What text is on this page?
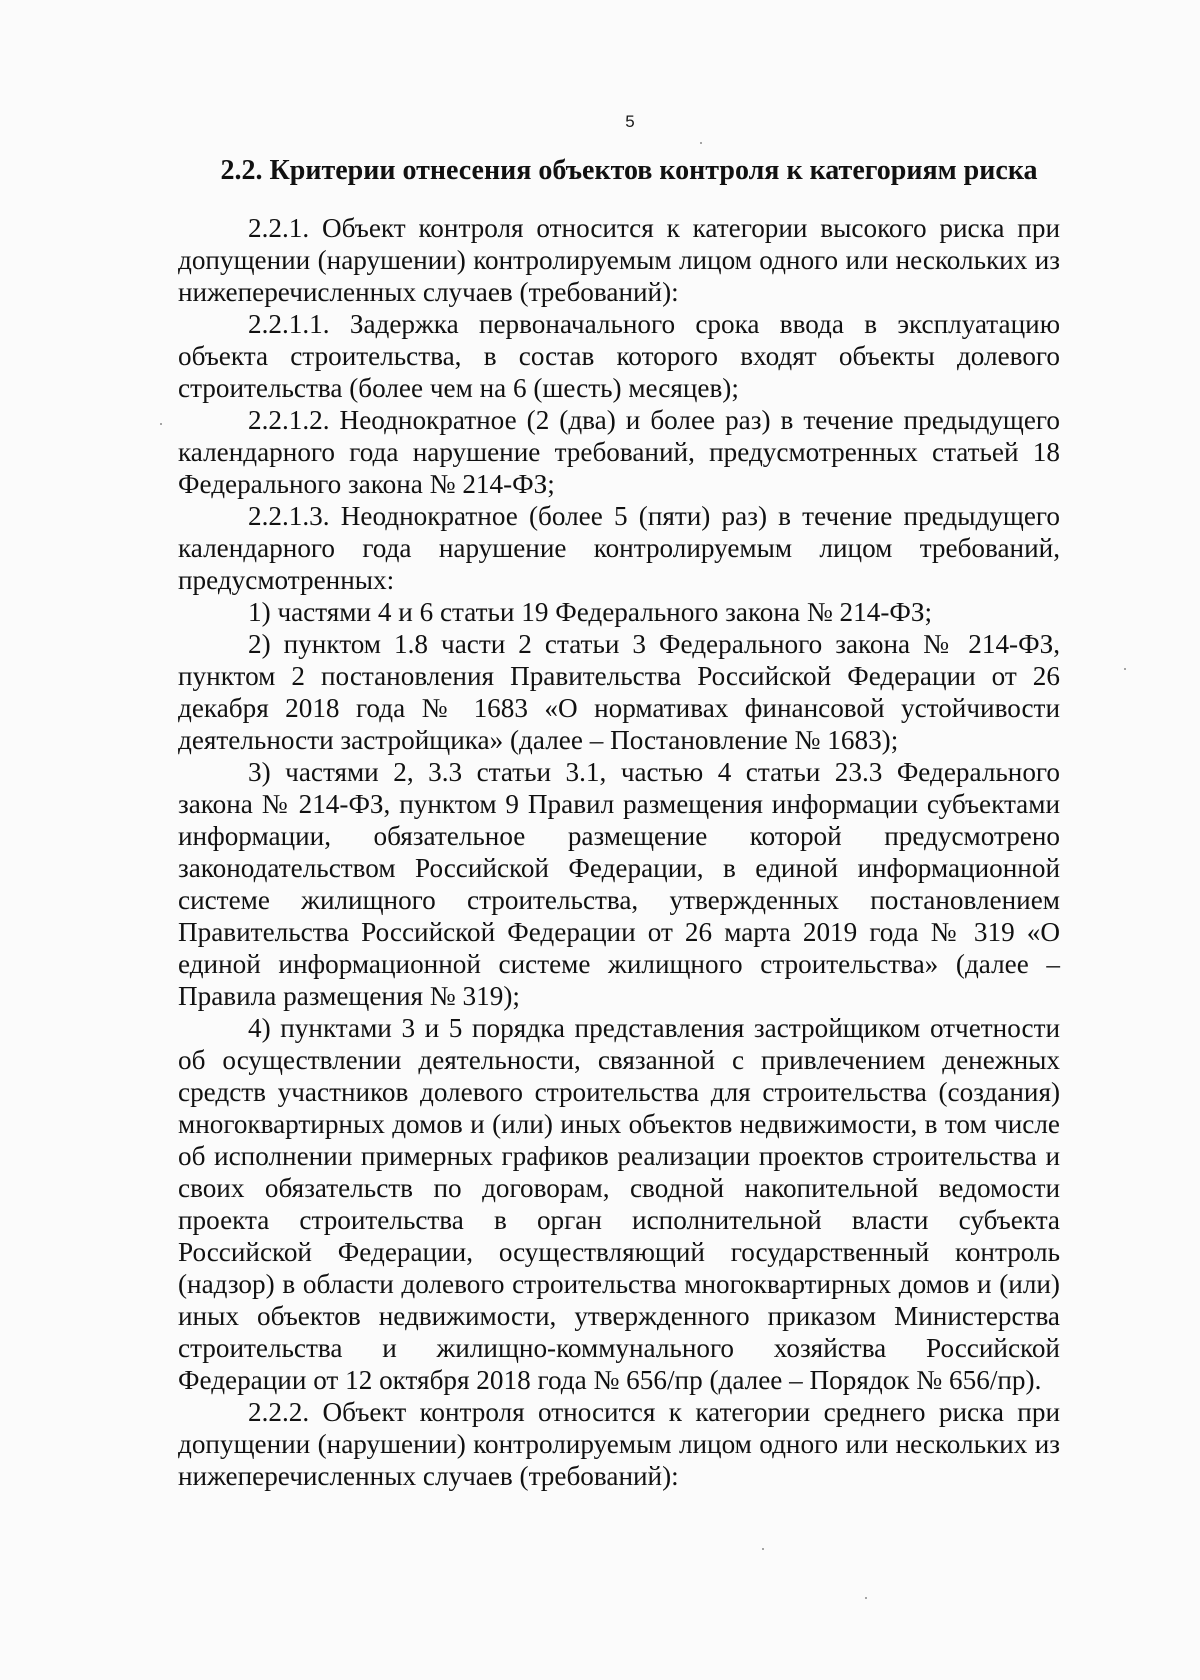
5

2.2. Критерии отнесения объектов контроля к категориям риска

2.2.1. Объект контроля относится к категории высокого риска при допущении (нарушении) контролируемым лицом одного или нескольких из нижеперечисленных случаев (требований):

2.2.1.1. Задержка первоначального срока ввода в эксплуатацию объекта строительства, в состав которого входят объекты долевого строительства (более чем на 6 (шесть) месяцев);

2.2.1.2. Неоднократное (2 (два) и более раз) в течение предыдущего календарного года нарушение требований, предусмотренных статьей 18 Федерального закона № 214-ФЗ;

2.2.1.3. Неоднократное (более 5 (пяти) раз) в течение предыдущего календарного года нарушение контролируемым лицом требований, предусмотренных:

1) частями 4 и 6 статьи 19 Федерального закона № 214-ФЗ;

2) пунктом 1.8 части 2 статьи 3 Федерального закона № 214-ФЗ, пунктом 2 постановления Правительства Российской Федерации от 26 декабря 2018 года № 1683 «О нормативах финансовой устойчивости деятельности застройщика» (далее – Постановление № 1683);

3) частями 2, 3.3 статьи 3.1, частью 4 статьи 23.3 Федерального закона № 214-ФЗ, пунктом 9 Правил размещения информации субъектами информации, обязательное размещение которой предусмотрено законодательством Российской Федерации, в единой информационной системе жилищного строительства, утвержденных постановлением Правительства Российской Федерации от 26 марта 2019 года № 319 «О единой информационной системе жилищного строительства» (далее – Правила размещения № 319);

4) пунктами 3 и 5 порядка представления застройщиком отчетности об осуществлении деятельности, связанной с привлечением денежных средств участников долевого строительства для строительства (создания) многоквартирных домов и (или) иных объектов недвижимости, в том числе об исполнении примерных графиков реализации проектов строительства и своих обязательств по договорам, сводной накопительной ведомости проекта строительства в орган исполнительной власти субъекта Российской Федерации, осуществляющий государственный контроль (надзор) в области долевого строительства многоквартирных домов и (или) иных объектов недвижимости, утвержденного приказом Министерства строительства и жилищно-коммунального хозяйства Российской Федерации от 12 октября 2018 года № 656/пр (далее – Порядок № 656/пр).

2.2.2. Объект контроля относится к категории среднего риска при допущении (нарушении) контролируемым лицом одного или нескольких из нижеперечисленных случаев (требований):
